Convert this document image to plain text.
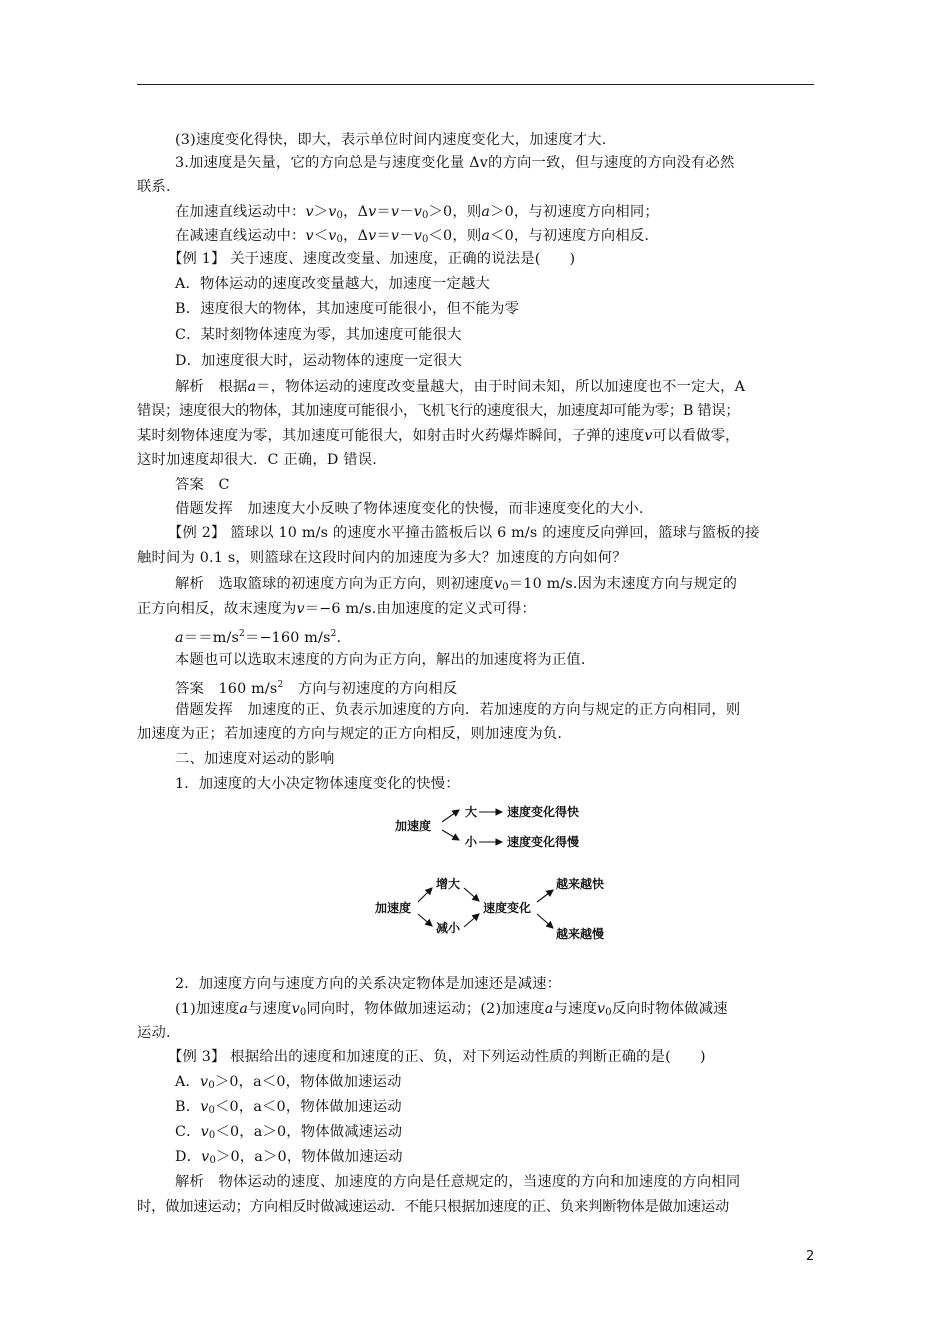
(3)速度变化得快，即大，表示单位时间内速度变化大，加速度才大.
3.加速度是矢量，它的方向总是与速度变化量 Δv的方向一致，但与速度的方向没有必然
联系.
在加速直线运动中：$v>v_0$，$\Delta v=v-v_0>0$，则a＞0，与初速度方向相同；
在减速直线运动中：$v<v_0$，$\Delta v=v-v_0<0$，则a＜0，与初速度方向相反.
【例 1】 关于速度、速度改变量、加速度，正确的说法是(　　)
A．物体运动的速度改变量越大，加速度一定越大
B．速度很大的物体，其加速度可能很小，但不能为零
C．某时刻物体速度为零，其加速度可能很大
D．加速度很大时，运动物体的速度一定很大
解析　根据a＝，物体运动的速度改变量越大，由于时间未知，所以加速度也不一定大，A
错误；速度很大的物体，其加速度可能很小，飞机飞行的速度很大，加速度却可能为零；B 错误；
某时刻物体速度为零，其加速度可能很大，如射击时火药爆炸瞬间，子弹的速度v可以看做零，
这时加速度却很大．C 正确，D 错误.
答案　C
借题发挥　加速度大小反映了物体速度变化的快慢，而非速度变化的大小.
【例 2】 篮球以 10 m/s 的速度水平撞击篮板后以 6 m/s 的速度反向弹回，篮球与篮板的接
触时间为 0.1 s，则篮球在这段时间内的加速度为多大？加速度的方向如何？
解析　选取篮球的初速度方向为正方向，则初速度$v_0=10$ m/s.因为末速度方向与规定的
正方向相反，故末速度为v＝−6 m/s.由加速度的定义式可得：
$a==m/s^2=-160$ $m/s^2$.
本题也可以选取末速度的方向为正方向，解出的加速度将为正值.
答案　160 $m/s^2$　方向与初速度的方向相反
借题发挥　加速度的正、负表示加速度的方向．若加速度的方向与规定的正方向相同，则
加速度为正；若加速度的方向与规定的正方向相反，则加速度为负.
二、加速度对运动的影响
1．加速度的大小决定物体速度变化的快慢：
加速度
大
小
速度变化得快
速度变化得慢
加速度
增大
减小
速度变化
越来越快
越来越慢
2．加速度方向与速度方向的关系决定物体是加速还是减速：
(1)加速度a与速度$v_0$同向时，物体做加速运动；(2)加速度a与速度$v_0$反向时物体做减速
运动.
【例 3】 根据给出的速度和加速度的正、负，对下列运动性质的判断正确的是(　　)
A．$v_0>0$，a＜0，物体做加速运动
B．$v_0<0$，a＜0，物体做加速运动
C．$v_0<0$，a＞0，物体做减速运动
D．$v_0>0$，a＞0，物体做加速运动
解析　物体运动的速度、加速度的方向是任意规定的，当速度的方向和加速度的方向相同
时，做加速运动；方向相反时做减速运动．不能只根据加速度的正、负来判断物体是做加速运动
2
